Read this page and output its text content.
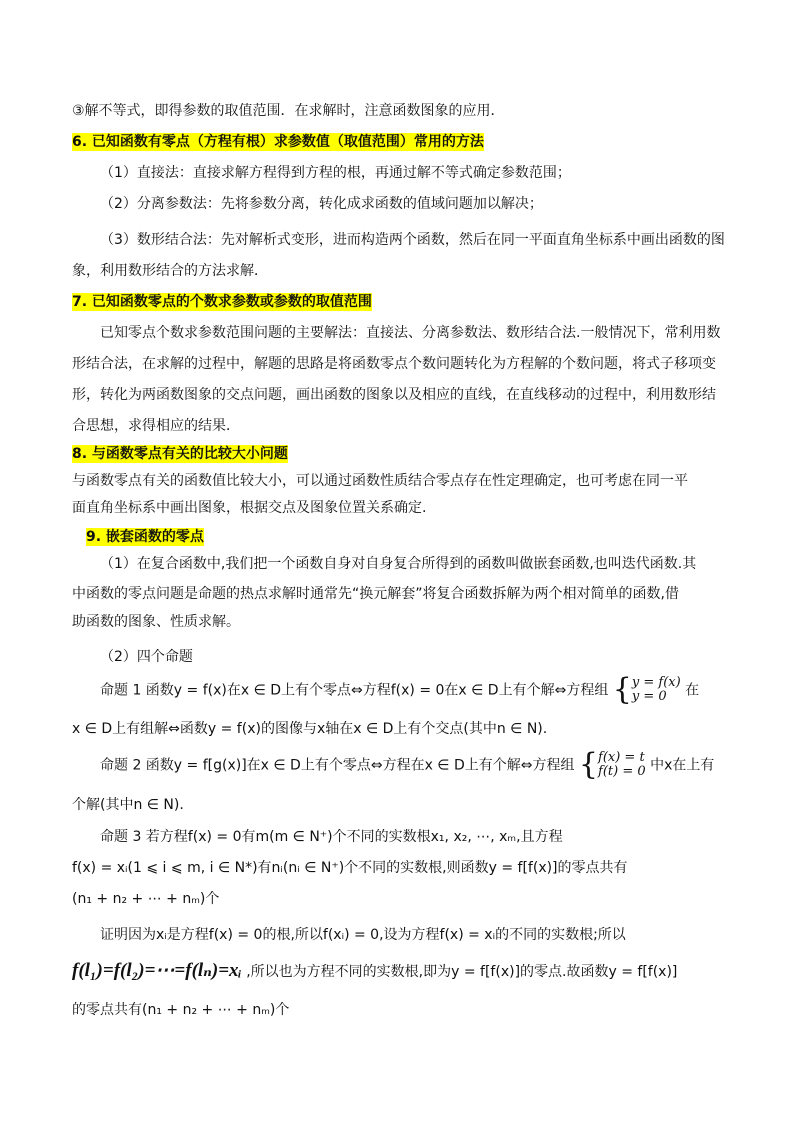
③解不等式，即得参数的取值范围．在求解时，注意函数图象的应用．

6. 已知函数有零点（方程有根）求参数值（取值范围）常用的方法

（1）直接法：直接求解方程得到方程的根，再通过解不等式确定参数范围；

（2）分离参数法：先将参数分离，转化成求函数的值域问题加以解决；

（3）数形结合法：先对解析式变形，进而构造两个函数，然后在同一平面直角坐标系中画出函数的图

象，利用数形结合的方法求解．

7. 已知函数零点的个数求参数或参数的取值范围

已知零点个数求参数范围问题的主要解法：直接法、分离参数法、数形结合法.一般情况下，常利用数

形结合法，在求解的过程中，解题的思路是将函数零点个数问题转化为方程解的个数问题，将式子移项变

形，转化为两函数图象的交点问题，画出函数的图象以及相应的直线，在直线移动的过程中，利用数形结

合思想，求得相应的结果．

8. 与函数零点有关的比较大小问题

与函数零点有关的函数值比较大小，可以通过函数性质结合零点存在性定理确定，也可考虑在同一平

面直角坐标系中画出图象，根据交点及图象位置关系确定.

9. 嵌套函数的零点

（1）在复合函数中,我们把一个函数自身对自身复合所得到的函数叫做嵌套函数,也叫迭代函数.其

中函数的零点问题是命题的热点求解时通常先“换元解套”将复合函数拆解为两个相对简单的函数,借

助函数的图象、性质求解。

（2）四个命题

命题 1 函数y = f(x)在x ∈ D上有个零点⇔方程f(x) = 0在x ∈ D上有个解⇔方程组 {y = f(x)
y = 0 在

x ∈ D上有组解⇔函数y = f(x)的图像与x轴在x ∈ D上有个交点(其中n ∈ N).

命题 2 函数y = f[g(x)]在x ∈ D上有个零点⇔方程在x ∈ D上有个解⇔方程组 {f(x) = t
f(t) = 0 中x在上有

个解(其中n ∈ N).

命题 3 若方程f(x) = 0有m(m ∈ N⁺)个不同的实数根x₁, x₂, ⋯, xₘ,且方程

f(x) = xᵢ(1 ⩽ i ⩽ m, i ∈ N*)有nᵢ(nᵢ ∈ N⁺)个不同的实数根,则函数y = f[f(x)]的零点共有

(n₁ + n₂ + ⋯ + nₘ)个

证明因为xᵢ是方程f(x) = 0的根,所以f(xᵢ) = 0,设为方程f(x) = xᵢ的不同的实数根;所以

f(l₁)=f(l₂)=⋯=f(lₙ)=xᵢ ,所以也为方程不同的实数根,即为y = f[f(x)]的零点.故函数y = f[f(x)]

的零点共有(n₁ + n₂ + ⋯ + nₘ)个
